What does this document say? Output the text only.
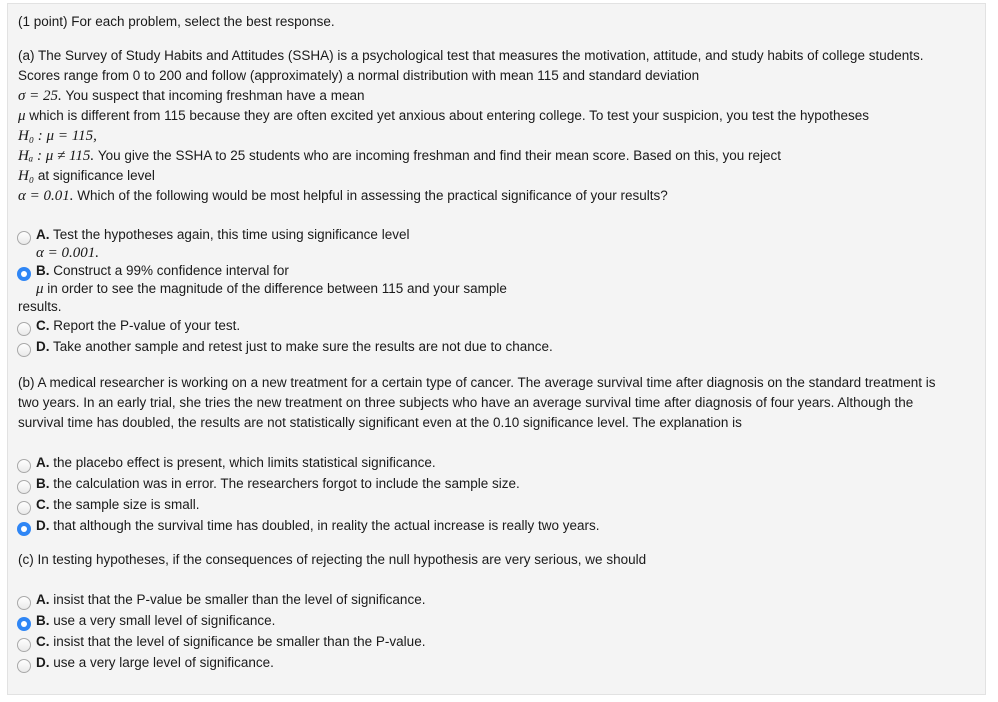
(1 point) For each problem, select the best response.
(a) The Survey of Study Habits and Attitudes (SSHA) is a psychological test that measures the motivation, attitude, and study habits of college students.
Scores range from 0 to 200 and follow (approximately) a normal distribution with mean 115 and standard deviation
σ = 25. You suspect that incoming freshman have a mean
μ which is different from 115 because they are often excited yet anxious about entering college. To test your suspicion, you test the hypotheses
H₀ : μ = 115,
Hₐ : μ ≠ 115. You give the SSHA to 25 students who are incoming freshman and find their mean score. Based on this, you reject
H₀ at significance level
α = 0.01. Which of the following would be most helpful in assessing the practical significance of your results?
A. Test the hypotheses again, this time using significance level
α = 0.001.
B. Construct a 99% confidence interval for
μ in order to see the magnitude of the difference between 115 and your sample
results.
C. Report the P-value of your test.
D. Take another sample and retest just to make sure the results are not due to chance.
(b) A medical researcher is working on a new treatment for a certain type of cancer. The average survival time after diagnosis on the standard treatment is
two years. In an early trial, she tries the new treatment on three subjects who have an average survival time after diagnosis of four years. Although the
survival time has doubled, the results are not statistically significant even at the 0.10 significance level. The explanation is
A. the placebo effect is present, which limits statistical significance.
B. the calculation was in error. The researchers forgot to include the sample size.
C. the sample size is small.
D. that although the survival time has doubled, in reality the actual increase is really two years.
(c) In testing hypotheses, if the consequences of rejecting the null hypothesis are very serious, we should
A. insist that the P-value be smaller than the level of significance.
B. use a very small level of significance.
C. insist that the level of significance be smaller than the P-value.
D. use a very large level of significance.
